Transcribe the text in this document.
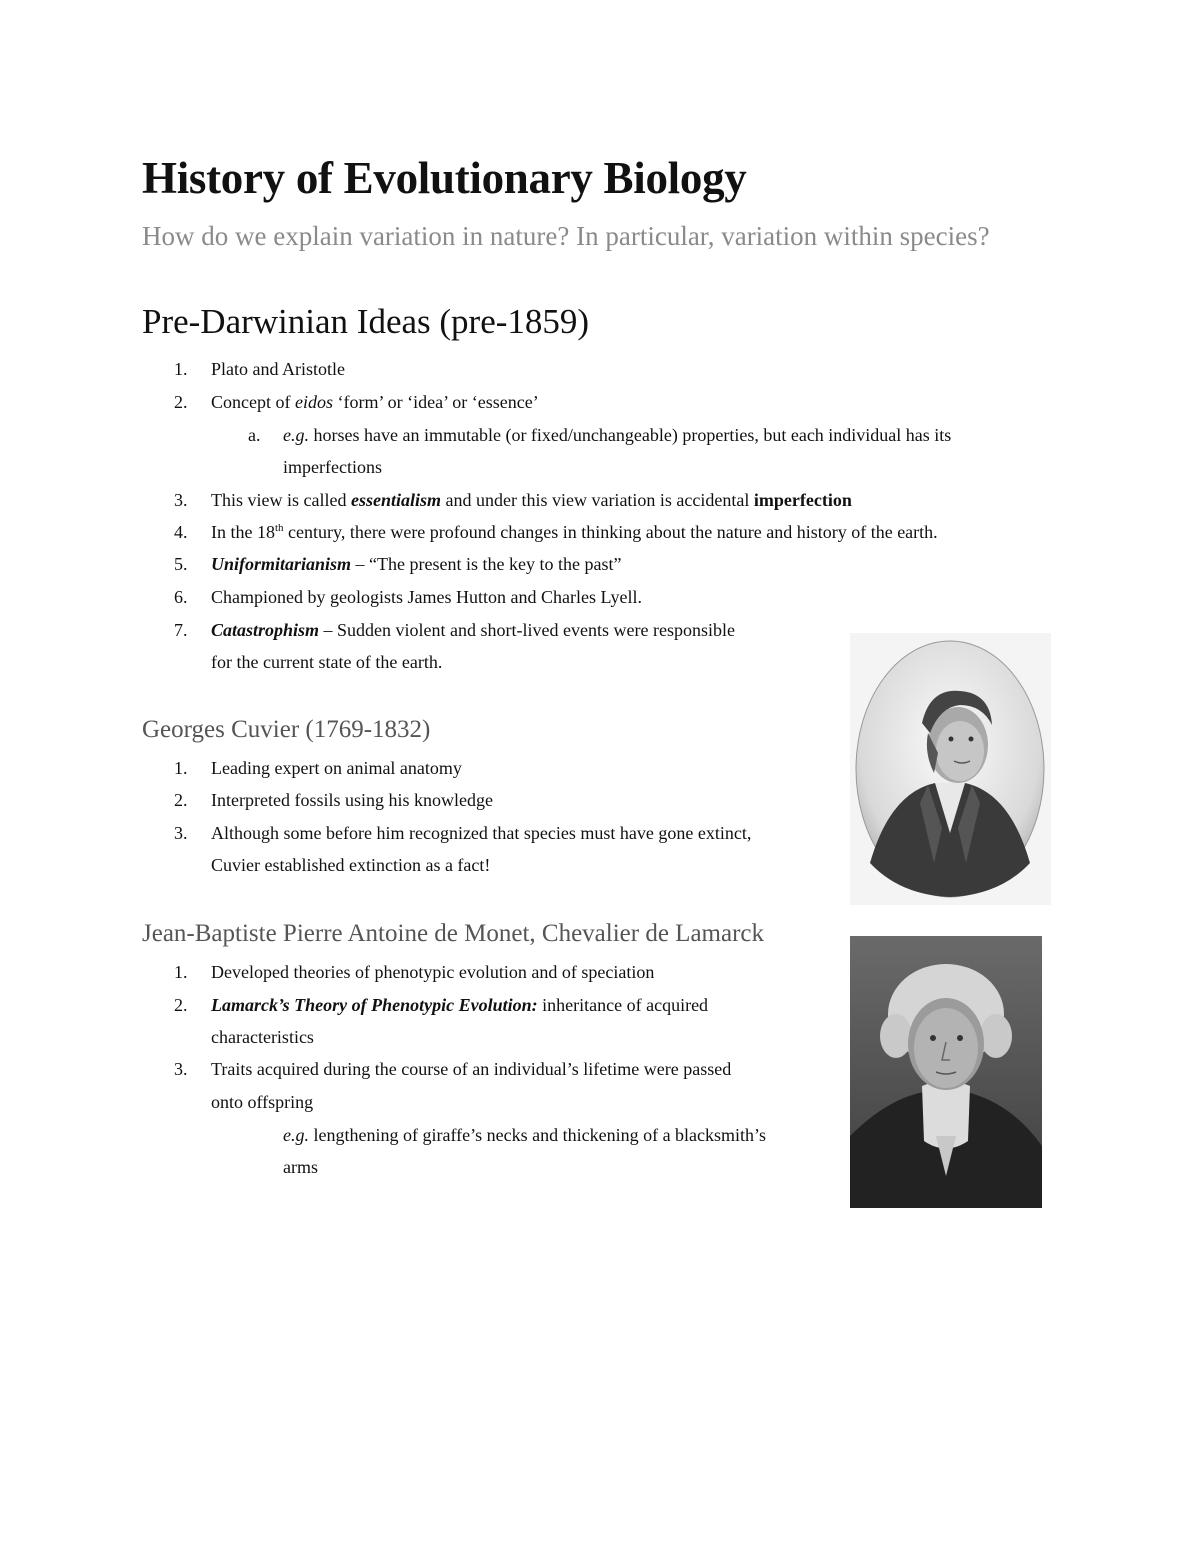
History of Evolutionary Biology
How do we explain variation in nature? In particular, variation within species?
Pre-Darwinian Ideas (pre-1859)
1. Plato and Aristotle
2. Concept of eidos ‘form’ or ‘idea’ or ‘essence’
a. e.g. horses have an immutable (or fixed/unchangeable) properties, but each individual has its
imperfections
3. This view is called essentialism and under this view variation is accidental imperfection
4. In the 18th century, there were profound changes in thinking about the nature and history of the earth.
5. Uniformitarianism – “The present is the key to the past”
6. Championed by geologists James Hutton and Charles Lyell.
7. Catastrophism – Sudden violent and short-lived events were responsible
for the current state of the earth.
Georges Cuvier (1769-1832)
1. Leading expert on animal anatomy
2. Interpreted fossils using his knowledge
3. Although some before him recognized that species must have gone extinct,
Cuvier established extinction as a fact!
Jean-Baptiste Pierre Antoine de Monet, Chevalier de Lamarck
1. Developed theories of phenotypic evolution and of speciation
2. Lamarck’s Theory of Phenotypic Evolution: inheritance of acquired
characteristics
3. Traits acquired during the course of an individual’s lifetime were passed
onto offspring
e.g. lengthening of giraffe’s necks and thickening of a blacksmith’s
arms
